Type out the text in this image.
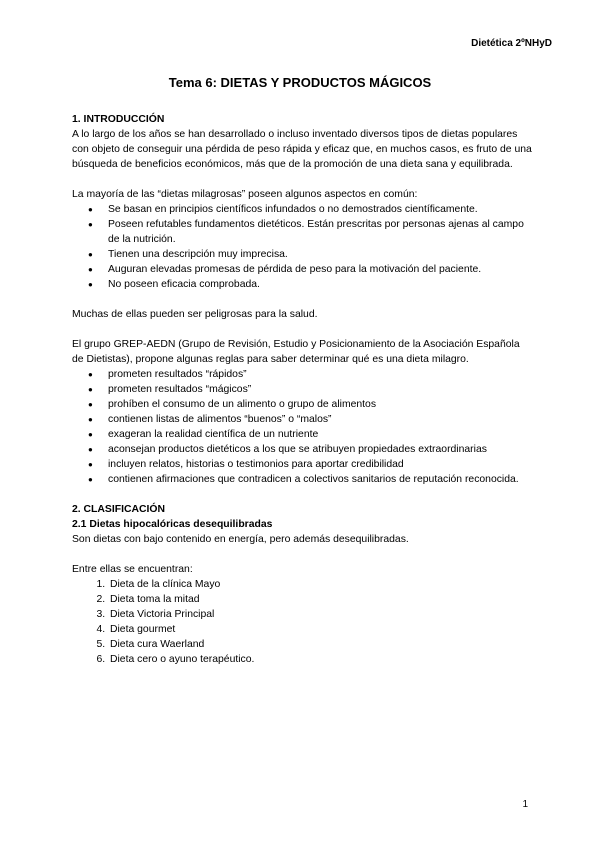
Dietética 2ºNHyD
Tema 6: DIETAS Y PRODUCTOS MÁGICOS
1. INTRODUCCIÓN

A lo largo de los años se han desarrollado o incluso inventado diversos tipos de dietas populares con objeto de conseguir una pérdida de peso rápida y eficaz que, en muchos casos, es fruto de una búsqueda de beneficios económicos, más que de la promoción de una dieta sana y equilibrada.

La mayoría de las “dietas milagrosas” poseen algunos aspectos en común:

● Se basan en principios científicos infundados o no demostrados científicamente.
● Poseen refutables fundamentos dietéticos. Están prescritas por personas ajenas al campo de la nutrición.
● Tienen una descripción muy imprecisa.
● Auguran elevadas promesas de pérdida de peso para la motivación del paciente.
● No poseen eficacia comprobada.

Muchas de ellas pueden ser peligrosas para la salud.

El grupo GREP-AEDN (Grupo de Revisión, Estudio y Posicionamiento de la Asociación Española de Dietistas), propone algunas reglas para saber determinar qué es una dieta milagro.

● prometen resultados “rápidos”
● prometen resultados “mágicos”
● prohíben el consumo de un alimento o grupo de alimentos
● contienen listas de alimentos “buenos” o “malos”
● exageran la realidad científica de un nutriente
● aconsejan productos dietéticos a los que se atribuyen propiedades extraordinarias
● incluyen relatos, historias o testimonios para aportar credibilidad
● contienen afirmaciones que contradicen a colectivos sanitarios de reputación reconocida.
2. CLASIFICACIÓN
2.1 Dietas hipocalóricas desequilibradas

Son dietas con bajo contenido en energía, pero además desequilibradas.

Entre ellas se encuentran:

1. Dieta de la clínica Mayo
2. Dieta toma la mitad
3. Dieta Victoria Principal
4. Dieta gourmet
5. Dieta cura Waerland
6. Dieta cero o ayuno terapéutico.
1
